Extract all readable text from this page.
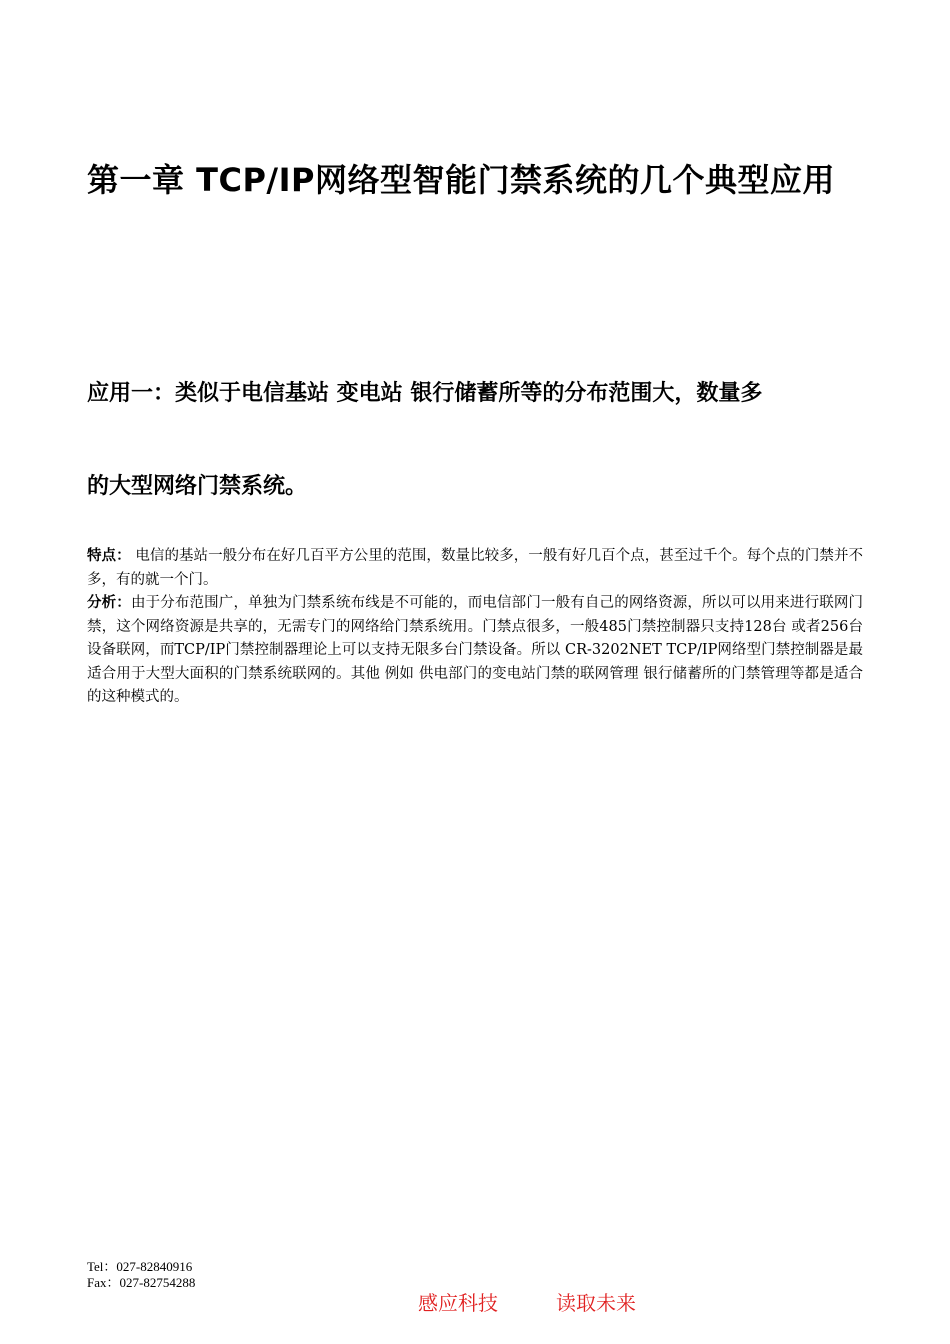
第一章 TCP/IP网络型智能门禁系统的几个典型应用
应用一：类似于电信基站 变电站 银行储蓄所等的分布范围大，数量多
的大型网络门禁系统。

特点： 电信的基站一般分布在好几百平方公里的范围，数量比较多，一般有好几百个点，甚至过千个。每个点的门禁并不多，有的就一个门。

分析：由于分布范围广，单独为门禁系统布线是不可能的，而电信部门一般有自己的网络资源，所以可以用来进行联网门禁，这个网络资源是共享的，无需专门的网络给门禁系统用。门禁点很多，一般485门禁控制器只支持128台 或者256台设备联网，而TCP/IP门禁控制器理论上可以支持无限多台门禁设备。所以 CR-3202NET TCP/IP网络型门禁控制器是最适合用于大型大面积的门禁系统联网的。其他 例如 供电部门的变电站门禁的联网管理 银行储蓄所的门禁管理等都是适合的这种模式的。

Tel：027-82840916
Fax：027-82754288
感应科技	读取未来
